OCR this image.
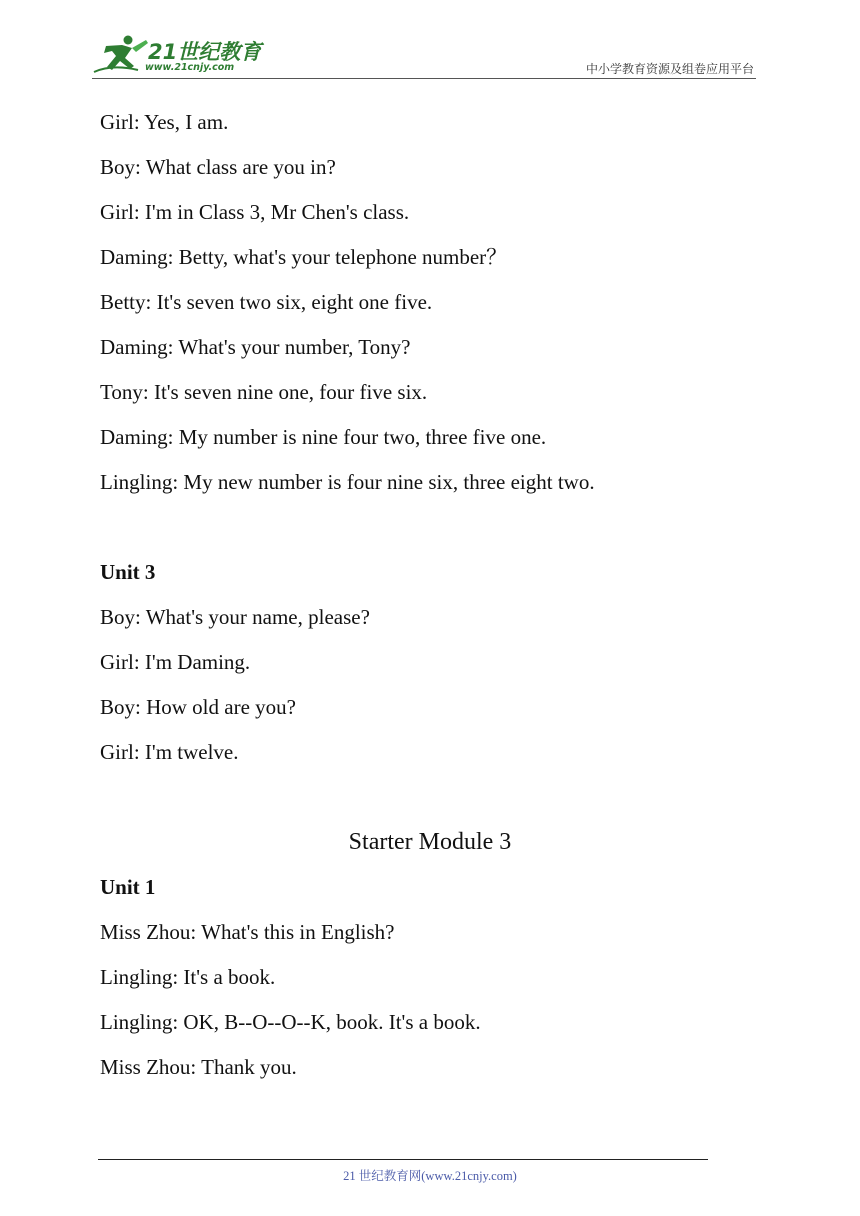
21世纪教育
www.21cnjy.com	中小学教育资源及组卷应用平台
Girl: Yes, I am.
Boy: What class are you in?
Girl: I'm in Class 3, Mr Chen's class.
Daming: Betty, what's your telephone number？
Betty: It's seven two six, eight one five.
Daming: What's your number, Tony?
Tony: It's seven nine one, four five six.
Daming: My number is nine four two, three five one.
Lingling: My new number is four nine six, three eight two.
Unit 3
Boy: What's your name, please?
Girl: I'm Daming.
Boy: How old are you?
Girl: I'm twelve.
Starter Module 3
Unit 1
Miss Zhou: What's this in English?
Lingling: It's a book.
Lingling: OK, B--O--O--K, book. It's a book.
Miss Zhou: Thank you.
21 世纪教育网(www.21cnjy.com)
